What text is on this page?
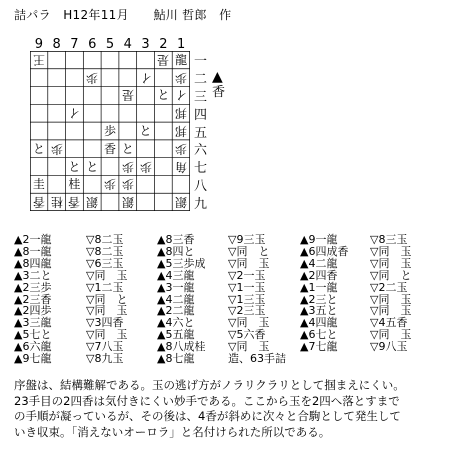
詰パラ　H12年11月　　鮎川 哲郎　作
9 8 7 6 5 4 3 2 1
王	是 龍
歩	イ 歩
是 と イ
イ	邦
歩 と 邦
と 歩	香 と	歩
と と 歩 歩 角
圭 桂 歩 歩
香 桂 香 銀 銀	銀
一
二
三
四
五
六
七
八
九
▲
香
▲2一龍	▽8二玉	▲8三香	▽9三玉	▲9一龍	▽8三玉
▲8一龍	▽8二玉	▲8四と	▽同　と	▲6四成香 ▽同　玉
▲8四龍	▽6三玉	▲5三歩成 ▽同　玉	▲4二龍	▽同　玉
▲3二と	▽同　玉	▲4三龍	▽2一玉	▲2四香	▽同　と
▲2三歩	▽1二玉	▲3一龍	▽1一玉	▲1一龍	▽2二玉
▲2三香	▽同　と	▲4二龍	▽1三玉	▲2三と	▽同　玉
▲2四歩	▽同　玉	▲2二龍	▽2三玉	▲3五と	▽同　玉
▲3三龍	▽3四香	▲4六と	▽同　玉	▲4四龍	▽4五香
▲5七と	▽同　玉	▲5五龍	▽5六香	▲6七と	▽同　玉
▲6六龍	▽7八玉	▲8八成桂 ▽同　玉	▲7七龍	▽9八玉
▲9七龍	▽8九玉	▲8七龍	造、63手詰
序盤は、結構難解である。玉の逃げ方がノラリクラリとして掴まえにくい。
23手目の2四香は気付きにくい妙手である。ここから玉を2四へ落とすまで
の手順が凝っているが、その後は、4香が斜めに次々と合駒として発生して
いき収束。「消えないオーロラ」と名付けられた所以である。
